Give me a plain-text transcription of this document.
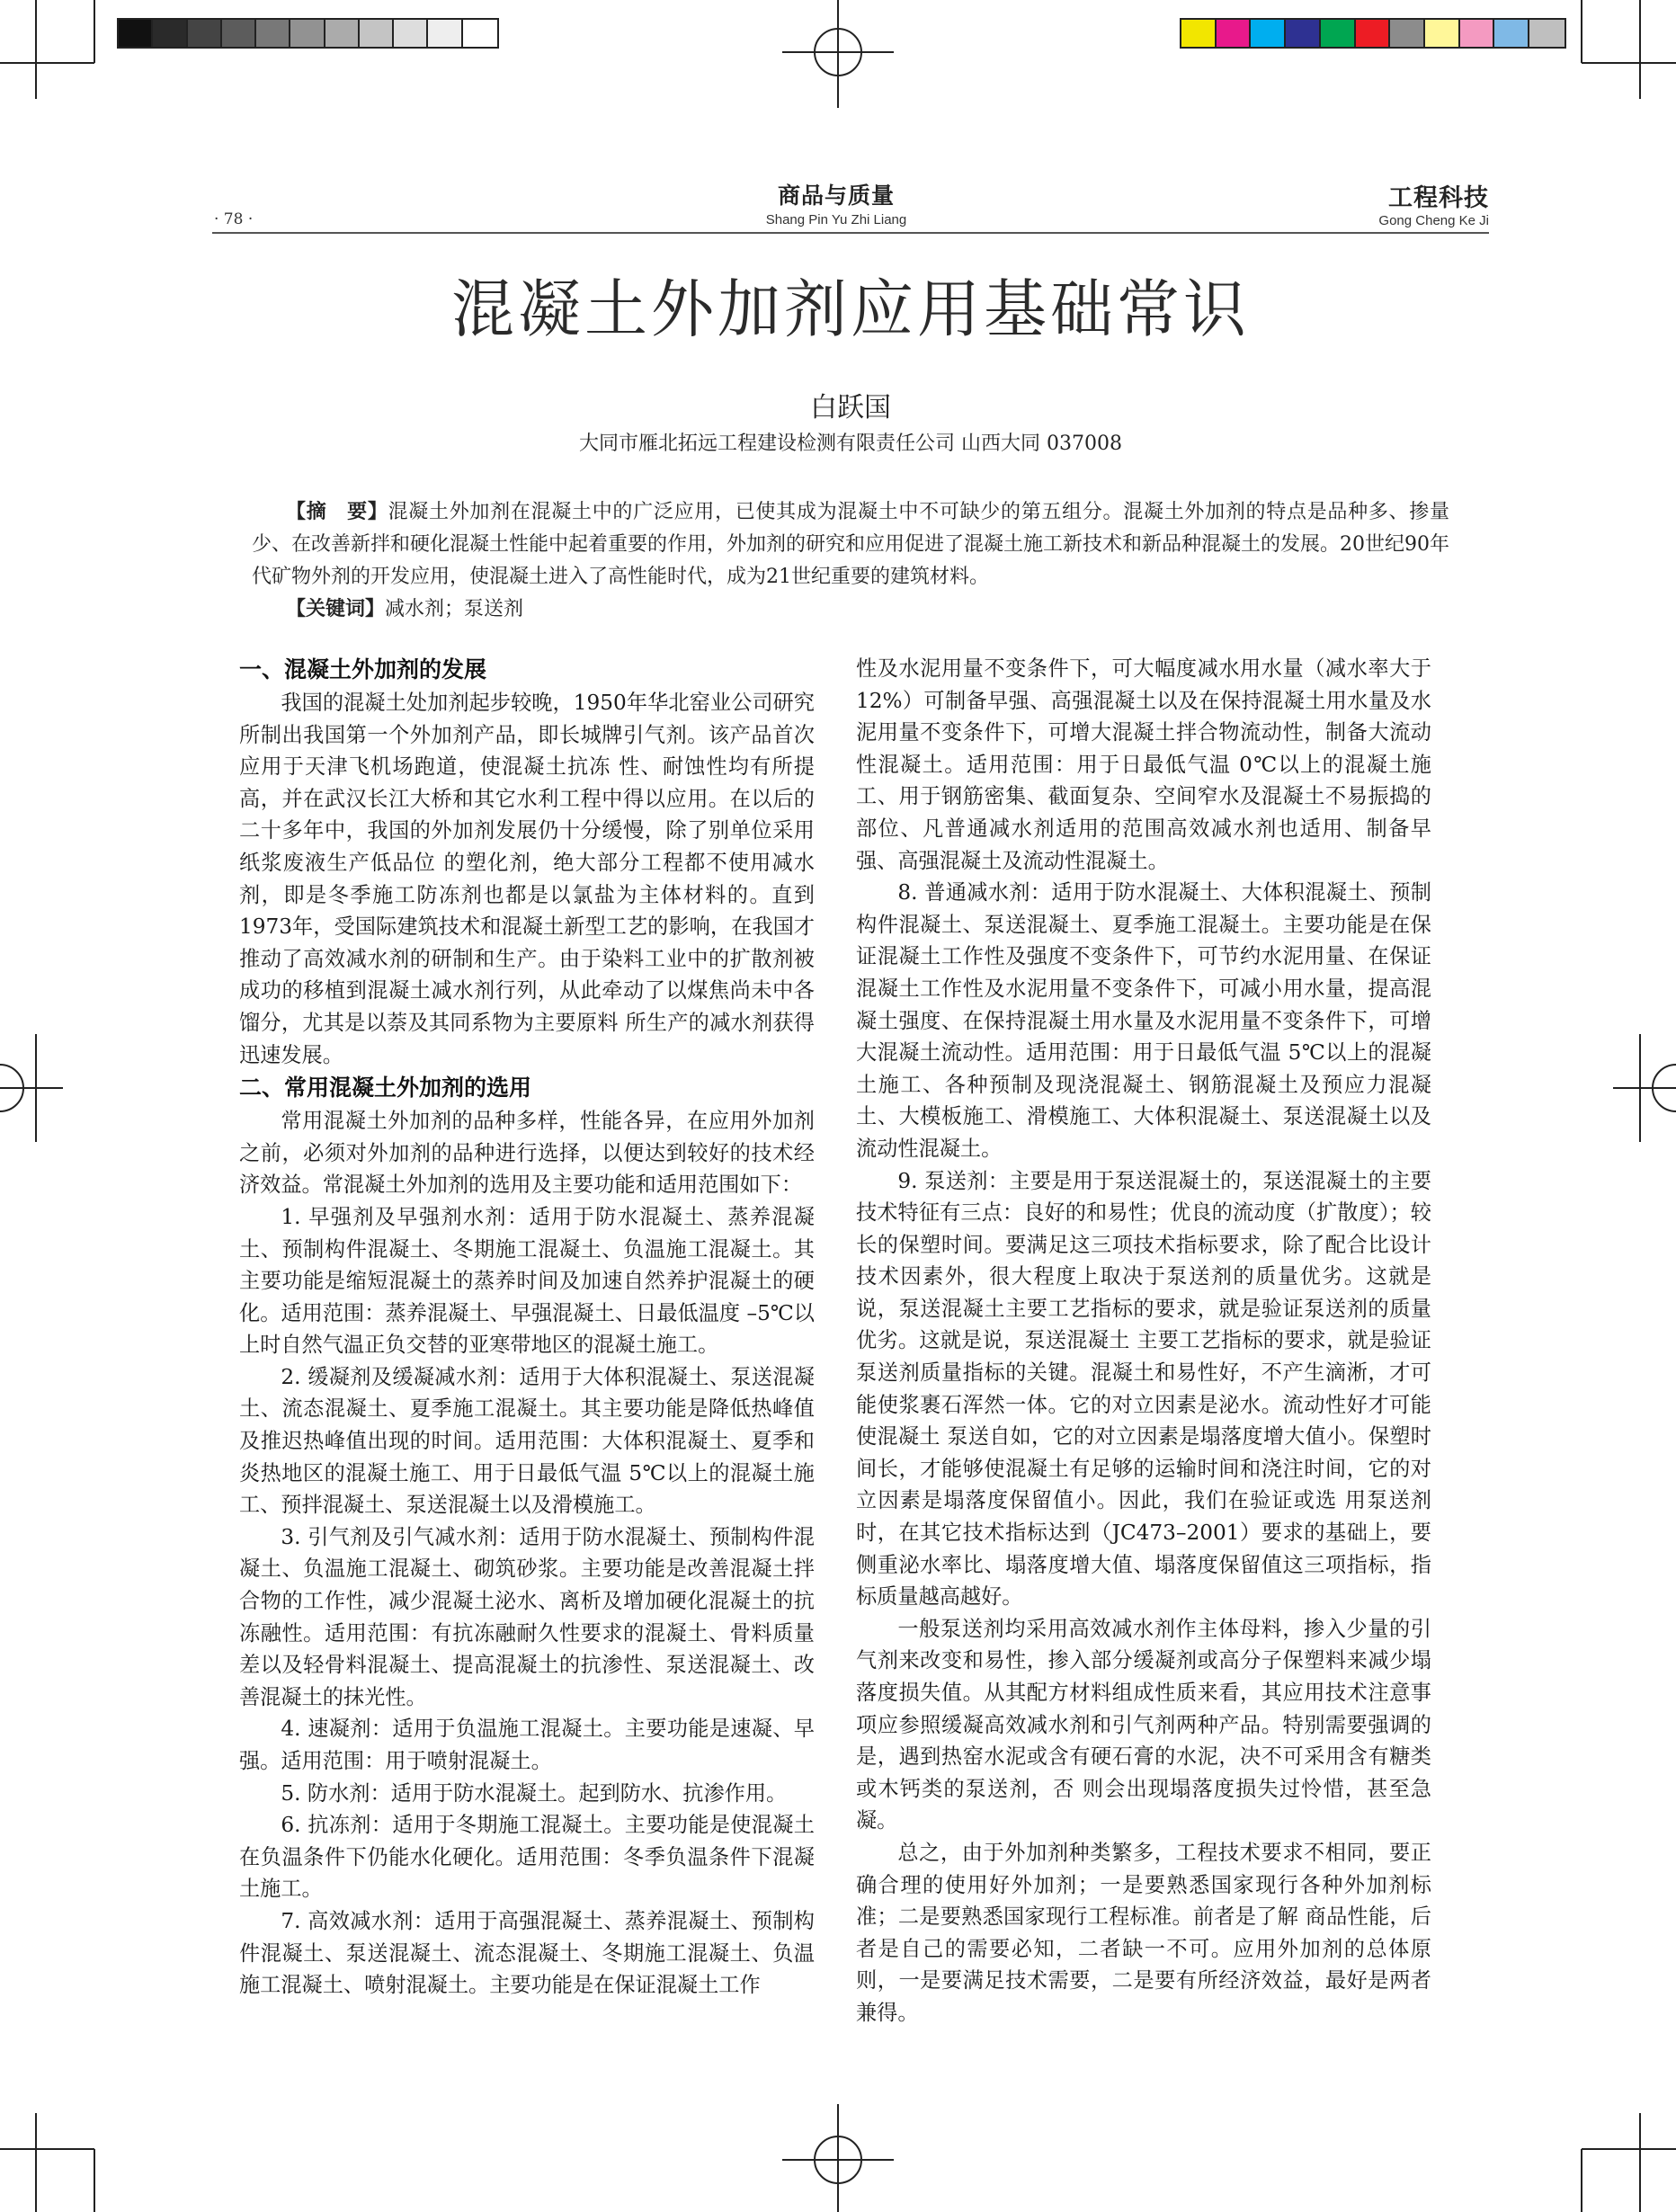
· 78 ·
商品与质量
Shang Pin Yu Zhi Liang
工程科技
Gong Cheng Ke Ji
混凝土外加剂应用基础常识
白跃国
大同市雁北拓远工程建设检测有限责任公司 山西大同 037008
【摘　要】混凝土外加剂在混凝土中的广泛应用，已使其成为混凝土中不可缺少的第五组分。混凝土外加剂的特点是品种多、掺量少、在改善新拌和硬化混凝土性能中起着重要的作用，外加剂的研究和应用促进了混凝土施工新技术和新品种混凝土的发展。20世纪90年代矿物外剂的开发应用，使混凝土进入了高性能时代，成为21世纪重要的建筑材料。
【关键词】减水剂；泵送剂
一、混凝土外加剂的发展

我国的混凝土处加剂起步较晚，1950年华北窑业公司研究所制出我国第一个外加剂产品，即长城牌引气剂。该产品首次应用于天津飞机场跑道，使混凝土抗冻 性、耐蚀性均有所提高，并在武汉长江大桥和其它水利工程中得以应用。在以后的二十多年中，我国的外加剂发展仍十分缓慢，除了别单位采用纸浆废液生产低品位 的塑化剂，绝大部分工程都不使用减水剂，即是冬季施工防冻剂也都是以氯盐为主体材料的。直到1973年，受国际建筑技术和混凝土新型工艺的影响，在我国才 推动了高效减水剂的研制和生产。由于染料工业中的扩散剂被成功的移植到混凝土减水剂行列，从此牵动了以煤焦尚未中各馏分，尤其是以萘及其同系物为主要原料 所生产的减水剂获得迅速发展。

二、常用混凝土外加剂的选用

常用混凝土外加剂的品种多样，性能各异，在应用外加剂之前，必须对外加剂的品种进行选择，以便达到较好的技术经济效益。常混凝土外加剂的选用及主要功能和适用范围如下：

1. 早强剂及早强剂水剂：适用于防水混凝土、蒸养混凝土、预制构件混凝土、冬期施工混凝土、负温施工混凝土。其主要功能是缩短混凝土的蒸养时间及加速自然养护混凝土的硬化。适用范围：蒸养混凝土、早强混凝土、日最低温度 –5℃以上时自然气温正负交替的亚寒带地区的混凝土施工。

2. 缓凝剂及缓凝减水剂：适用于大体积混凝土、泵送混凝土、流态混凝土、夏季施工混凝土。其主要功能是降低热峰值及推迟热峰值出现的时间。适用范围：大体积混凝土、夏季和炎热地区的混凝土施工、用于日最低气温 5℃以上的混凝土施工、预拌混凝土、泵送混凝土以及滑模施工。

3. 引气剂及引气减水剂：适用于防水混凝土、预制构件混凝土、负温施工混凝土、砌筑砂浆。主要功能是改善混凝土拌合物的工作性，减少混凝土泌水、离析及增加硬化混凝土的抗冻融性。适用范围：有抗冻融耐久性要求的混凝土、骨料质量差以及轻骨料混凝土、提高混凝土的抗渗性、泵送混凝土、改善混凝土的抹光性。

4. 速凝剂：适用于负温施工混凝土。主要功能是速凝、早强。适用范围：用于喷射混凝土。

5. 防水剂：适用于防水混凝土。起到防水、抗渗作用。

6. 抗冻剂：适用于冬期施工混凝土。主要功能是使混凝土在负温条件下仍能水化硬化。适用范围：冬季负温条件下混凝土施工。

7. 高效减水剂：适用于高强混凝土、蒸养混凝土、预制构件混凝土、泵送混凝土、流态混凝土、冬期施工混凝土、负温施工混凝土、喷射混凝土。主要功能是在保证混凝土工作

性及水泥用量不变条件下，可大幅度减水用水量（减水率大于12%）可制备早强、高强混凝土以及在保持混凝土用水量及水泥用量不变条件下，可增大混凝土拌合物流动性，制备大流动性混凝土。适用范围：用于日最低气温 0℃以上的混凝土施工、用于钢筋密集、截面复杂、空间窄水及混凝土不易振捣的部位、凡普通减水剂适用的范围高效减水剂也适用、制备早强、高强混凝土及流动性混凝土。

8. 普通减水剂：适用于防水混凝土、大体积混凝土、预制构件混凝土、泵送混凝土、夏季施工混凝土。主要功能是在保证混凝土工作性及强度不变条件下，可节约水泥用量、在保证混凝土工作性及水泥用量不变条件下，可减小用水量，提高混凝土强度、在保持混凝土用水量及水泥用量不变条件下，可增大混凝土流动性。适用范围：用于日最低气温 5℃以上的混凝土施工、各种预制及现浇混凝土、钢筋混凝土及预应力混凝土、大模板施工、滑模施工、大体积混凝土、泵送混凝土以及流动性混凝土。

9. 泵送剂：主要是用于泵送混凝土的，泵送混凝土的主要技术特征有三点：良好的和易性；优良的流动度（扩散度）；较长的保塑时间。要满足这三项技术指标要求，除了配合比设计技术因素外，很大程度上取决于泵送剂的质量优劣。这就是说，泵送混凝土主要工艺指标的要求，就是验证泵送剂的质量优劣。这就是说，泵送混凝土 主要工艺指标的要求，就是验证泵送剂质量指标的关键。混凝土和易性好，不产生滴淅，才可能使浆裹石浑然一体。它的对立因素是泌水。流动性好才可能使混凝土 泵送自如，它的对立因素是塌落度增大值小。保塑时间长，才能够使混凝土有足够的运输时间和浇注时间，它的对立因素是塌落度保留值小。因此，我们在验证或选 用泵送剂时，在其它技术指标达到（JC473–2001）要求的基础上，要侧重泌水率比、塌落度增大值、塌落度保留值这三项指标，指标质量越高越好。

一般泵送剂均采用高效减水剂作主体母料，掺入少量的引气剂来改变和易性，掺入部分缓凝剂或高分子保塑料来减少塌落度损失值。从其配方材料组成性质来看，其应用技术注意事项应参照缓凝高效减水剂和引气剂两种产品。特别需要强调的是，遇到热窑水泥或含有硬石膏的水泥，决不可采用含有糖类或木钙类的泵送剂，否 则会出现塌落度损失过怜惜，甚至急凝。

总之，由于外加剂种类繁多，工程技术要求不相同，要正确合理的使用好外加剂；一是要熟悉国家现行各种外加剂标准；二是要熟悉国家现行工程标准。前者是了解 商品性能，后者是自己的需要必知，二者缺一不可。应用外加剂的总体原则，一是要满足技术需要，二是要有所经济效益，最好是两者兼得。
